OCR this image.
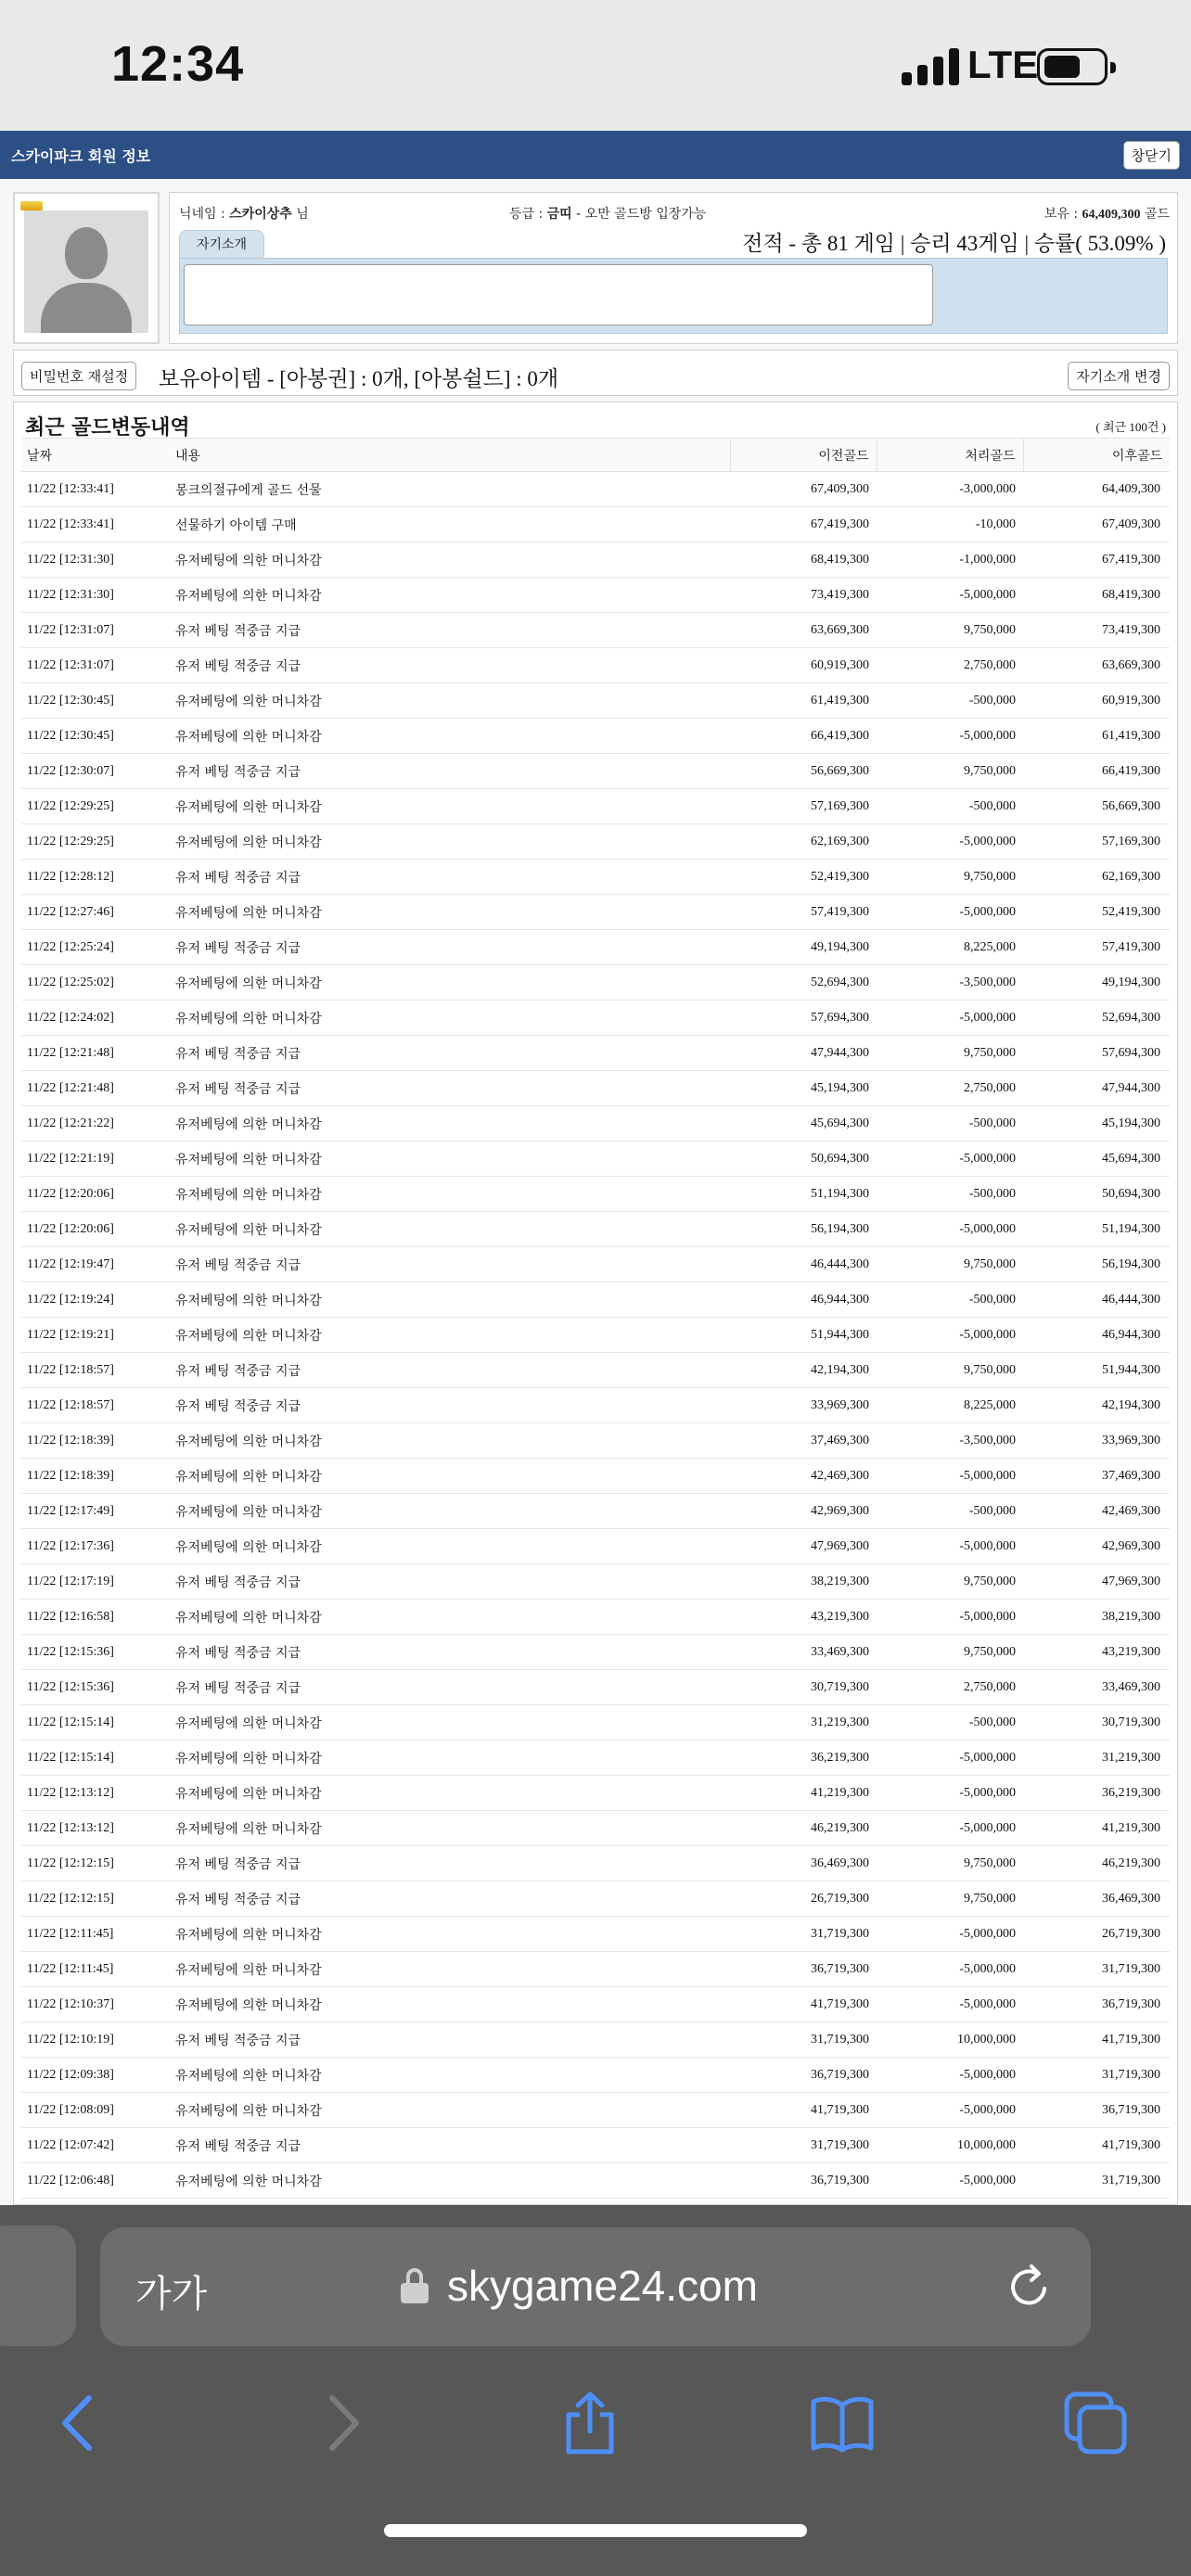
12:34	LTE
스카이파크 회원 정보	창닫기
닉네임 : 스카이상추 님	등급 : 금띠 - 오만 골드방 입장가능	보유 : 64,409,300 골드
자기소개	전적 - 총 81 게임 | 승리 43게임 | 승률( 53.09% )
비밀번호 재설정	보유아이템 - [아봉권] : 0개, [아봉쉴드] : 0개	자기소개 변경
최근 골드변동내역	( 최근 100건 )
날짜	내용	이전골드	처리골드	이후골드
11/22 [12:33:41]	몽크의절규에게 골드 선물	67,409,300	-3,000,000	64,409,300
11/22 [12:33:41]	선물하기 아이템 구매	67,419,300	-10,000	67,409,300
11/22 [12:31:30]	유저베팅에 의한 머니차감	68,419,300	-1,000,000	67,419,300
11/22 [12:31:30]	유저베팅에 의한 머니차감	73,419,300	-5,000,000	68,419,300
11/22 [12:31:07]	유저 베팅 적중금 지급	63,669,300	9,750,000	73,419,300
11/22 [12:31:07]	유저 베팅 적중금 지급	60,919,300	2,750,000	63,669,300
11/22 [12:30:45]	유저베팅에 의한 머니차감	61,419,300	-500,000	60,919,300
11/22 [12:30:45]	유저베팅에 의한 머니차감	66,419,300	-5,000,000	61,419,300
11/22 [12:30:07]	유저 베팅 적중금 지급	56,669,300	9,750,000	66,419,300
11/22 [12:29:25]	유저베팅에 의한 머니차감	57,169,300	-500,000	56,669,300
11/22 [12:29:25]	유저베팅에 의한 머니차감	62,169,300	-5,000,000	57,169,300
11/22 [12:28:12]	유저 베팅 적중금 지급	52,419,300	9,750,000	62,169,300
11/22 [12:27:46]	유저베팅에 의한 머니차감	57,419,300	-5,000,000	52,419,300
11/22 [12:25:24]	유저 베팅 적중금 지급	49,194,300	8,225,000	57,419,300
11/22 [12:25:02]	유저베팅에 의한 머니차감	52,694,300	-3,500,000	49,194,300
11/22 [12:24:02]	유저베팅에 의한 머니차감	57,694,300	-5,000,000	52,694,300
11/22 [12:21:48]	유저 베팅 적중금 지급	47,944,300	9,750,000	57,694,300
11/22 [12:21:48]	유저 베팅 적중금 지급	45,194,300	2,750,000	47,944,300
11/22 [12:21:22]	유저베팅에 의한 머니차감	45,694,300	-500,000	45,194,300
11/22 [12:21:19]	유저베팅에 의한 머니차감	50,694,300	-5,000,000	45,694,300
11/22 [12:20:06]	유저베팅에 의한 머니차감	51,194,300	-500,000	50,694,300
11/22 [12:20:06]	유저베팅에 의한 머니차감	56,194,300	-5,000,000	51,194,300
11/22 [12:19:47]	유저 베팅 적중금 지급	46,444,300	9,750,000	56,194,300
11/22 [12:19:24]	유저베팅에 의한 머니차감	46,944,300	-500,000	46,444,300
11/22 [12:19:21]	유저베팅에 의한 머니차감	51,944,300	-5,000,000	46,944,300
11/22 [12:18:57]	유저 베팅 적중금 지급	42,194,300	9,750,000	51,944,300
11/22 [12:18:57]	유저 베팅 적중금 지급	33,969,300	8,225,000	42,194,300
11/22 [12:18:39]	유저베팅에 의한 머니차감	37,469,300	-3,500,000	33,969,300
11/22 [12:18:39]	유저베팅에 의한 머니차감	42,469,300	-5,000,000	37,469,300
11/22 [12:17:49]	유저베팅에 의한 머니차감	42,969,300	-500,000	42,469,300
11/22 [12:17:36]	유저베팅에 의한 머니차감	47,969,300	-5,000,000	42,969,300
11/22 [12:17:19]	유저 베팅 적중금 지급	38,219,300	9,750,000	47,969,300
11/22 [12:16:58]	유저베팅에 의한 머니차감	43,219,300	-5,000,000	38,219,300
11/22 [12:15:36]	유저 베팅 적중금 지급	33,469,300	9,750,000	43,219,300
11/22 [12:15:36]	유저 베팅 적중금 지급	30,719,300	2,750,000	33,469,300
11/22 [12:15:14]	유저베팅에 의한 머니차감	31,219,300	-500,000	30,719,300
11/22 [12:15:14]	유저베팅에 의한 머니차감	36,219,300	-5,000,000	31,219,300
11/22 [12:13:12]	유저베팅에 의한 머니차감	41,219,300	-5,000,000	36,219,300
11/22 [12:13:12]	유저베팅에 의한 머니차감	46,219,300	-5,000,000	41,219,300
11/22 [12:12:15]	유저 베팅 적중금 지급	36,469,300	9,750,000	46,219,300
11/22 [12:12:15]	유저 베팅 적중금 지급	26,719,300	9,750,000	36,469,300
11/22 [12:11:45]	유저베팅에 의한 머니차감	31,719,300	-5,000,000	26,719,300
11/22 [12:11:45]	유저베팅에 의한 머니차감	36,719,300	-5,000,000	31,719,300
11/22 [12:10:37]	유저베팅에 의한 머니차감	41,719,300	-5,000,000	36,719,300
11/22 [12:10:19]	유저 베팅 적중금 지급	31,719,300	10,000,000	41,719,300
11/22 [12:09:38]	유저베팅에 의한 머니차감	36,719,300	-5,000,000	31,719,300
11/22 [12:08:09]	유저베팅에 의한 머니차감	41,719,300	-5,000,000	36,719,300
11/22 [12:07:42]	유저 베팅 적중금 지급	31,719,300	10,000,000	41,719,300
11/22 [12:06:48]	유저베팅에 의한 머니차감	36,719,300	-5,000,000	31,719,300
가가	skygame24.com
